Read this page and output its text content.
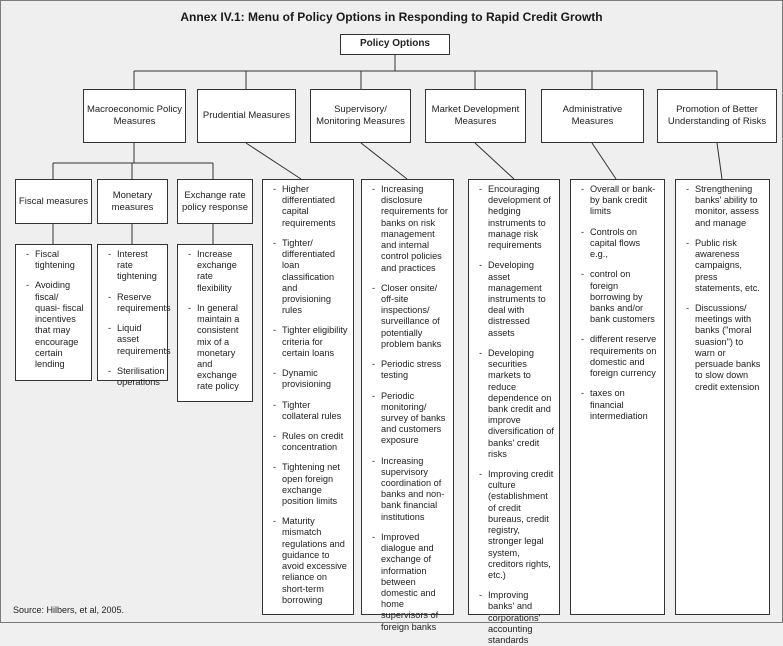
Annex IV.1: Menu of Policy Options in Responding to Rapid Credit Growth
Policy Options
Macroeconomic Policy Measures
Prudential Measures
Supervisory/ Monitoring Measures
Market Development Measures
Administrative Measures
Promotion of Better Understanding of Risks
Fiscal measures
Monetary measures
Exchange rate policy response
- Fiscal tightening
- Avoiding fiscal/ quasi- fiscal incentives that may encourage certain lending
- Interest rate tightening
- Reserve requirements
- Liquid asset requirements
- Sterilisation operations
- Increase exchange rate flexibility
- In general maintain a consistent mix of a monetary and exchange rate policy
- Higher differentiated capital requirements
- Tighter/ differentiated loan classification and provisioning rules
- Tighter eligibility criteria for certain loans
- Dynamic provisioning
- Tighter collateral rules
- Rules on credit concentration
- Tightening net open foreign exchange position limits
- Maturity mismatch regulations and guidance to avoid excessive reliance on short-term borrowing
- Increasing disclosure requirements for banks on risk management and internal control policies and practices
- Closer onsite/ off-site inspections/ surveillance of potentially problem banks
- Periodic stress testing
- Periodic monitoring/ survey of banks and customers exposure
- Increasing supervisory coordination of banks and non-bank financial institutions
- Improved dialogue and exchange of information between domestic and home supervisors of foreign banks
- Encouraging development of hedging instruments to manage risk requirements
- Developing asset management instruments to deal with distressed assets
- Developing securities markets to reduce dependence on bank credit and improve diversification of banks' credit risks
- Improving credit culture (establishment of credit bureaus, credit registry, stronger legal system, creditors rights, etc.)
- Improving banks' and corporations' accounting standards
- Overall or bank-by bank credit limits
- Controls on capital flows e.g.,
- control on foreign borrowing by banks and/or bank customers
- different reserve requirements on domestic and foreign currency
- taxes on financial intermediation
- Strengthening banks' ability to monitor, assess and manage
- Public risk awareness campaigns, press statements, etc.
- Discussions/ meetings with banks ("moral suasion") to warn or persuade banks to slow down credit extension
Source: Hilbers, et al, 2005.
